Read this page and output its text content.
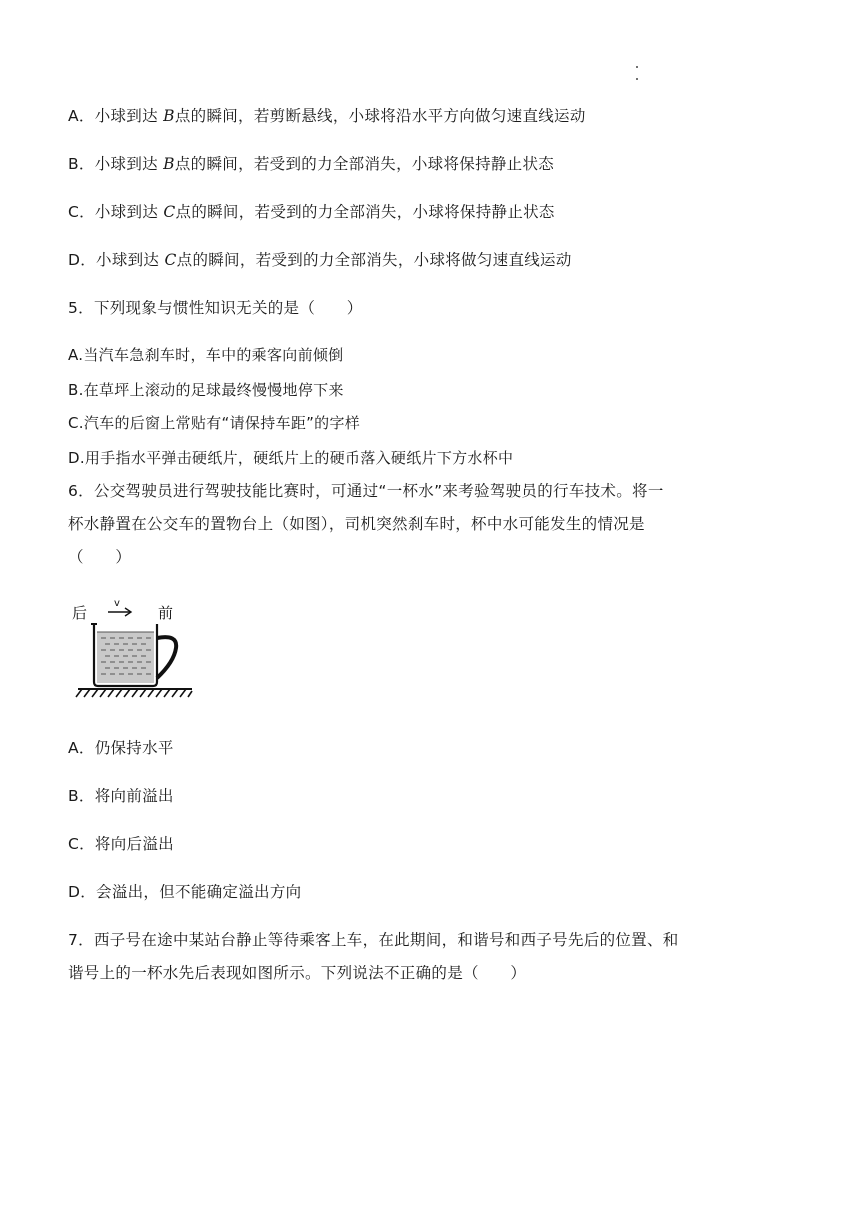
A．小球到达 B点的瞬间，若剪断悬线，小球将沿水平方向做匀速直线运动
B．小球到达 B点的瞬间，若受到的力全部消失，小球将保持静止状态
C．小球到达 C点的瞬间，若受到的力全部消失，小球将保持静止状态
D．小球到达 C点的瞬间，若受到的力全部消失，小球将做匀速直线运动
5．下列现象与惯性知识无关的是（　　）
A.当汽车急刹车时，车中的乘客向前倾倒
B.在草坪上滚动的足球最终慢慢地停下来
C.汽车的后窗上常贴有“请保持车距”的字样
D.用手指水平弹击硬纸片，硬纸片上的硬币落入硬纸片下方水杯中
6．公交驾驶员进行驾驶技能比赛时，可通过“一杯水”来考验驾驶员的行车技术。将一
杯水静置在公交车的置物台上（如图），司机突然刹车时，杯中水可能发生的情况是
（　　）
后	前
v
A．仍保持水平
B．将向前溢出
C．将向后溢出
D．会溢出，但不能确定溢出方向
7．西子号在途中某站台静止等待乘客上车，在此期间，和谐号和西子号先后的位置、和
谐号上的一杯水先后表现如图所示。下列说法不正确的是（　　）
